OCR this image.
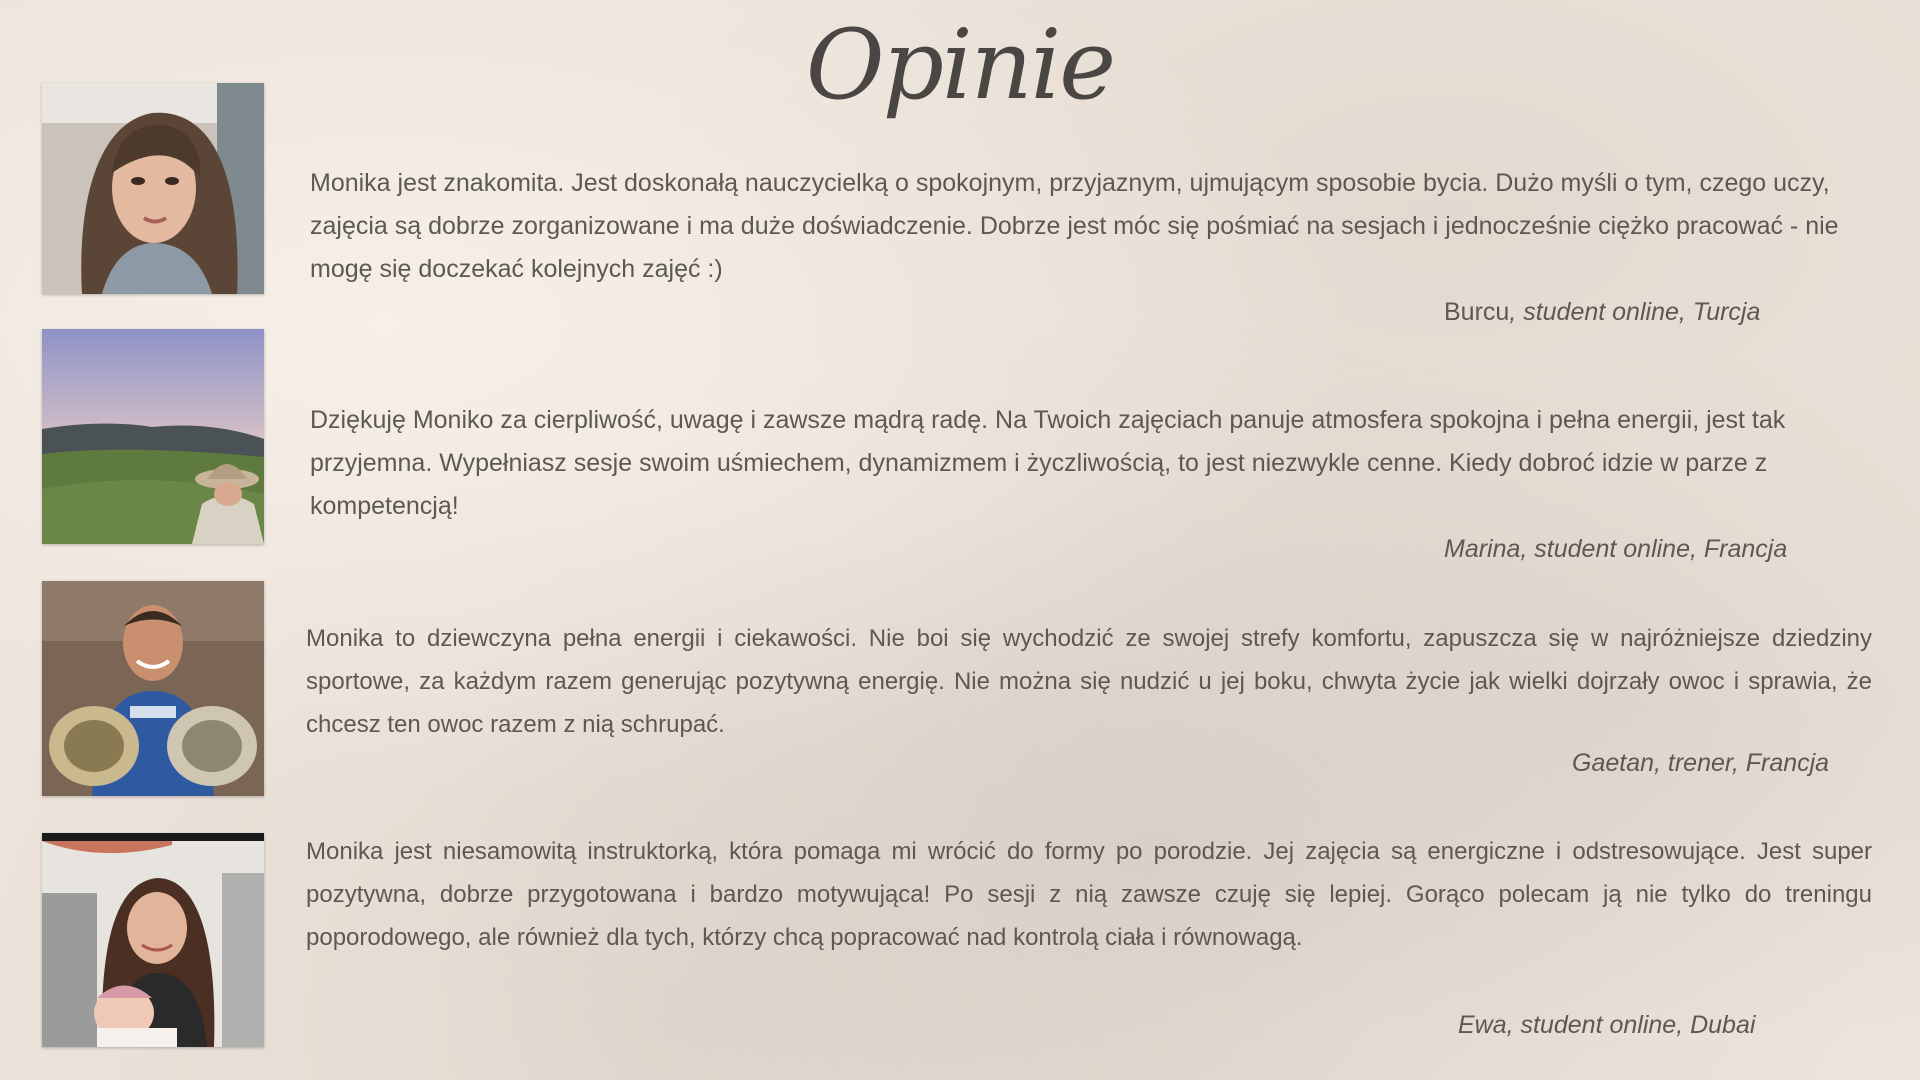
Opinie

Monika jest znakomita. Jest doskonałą nauczycielką o spokojnym, przyjaznym, ujmującym sposobie bycia. Dużo myśli o tym, czego uczy, zajęcia są dobrze zorganizowane i ma duże doświadczenie. Dobrze jest móc się pośmiać na sesjach i jednocześnie ciężko pracować - nie mogę się doczekać kolejnych zajęć :)

Burcu, student online, Turcja

Dziękuję Moniko za cierpliwość, uwagę i zawsze mądrą radę. Na Twoich zajęciach panuje atmosfera spokojna i pełna energii, jest tak przyjemna. Wypełniasz sesje swoim uśmiechem, dynamizmem i życzliwością, to jest niezwykle cenne. Kiedy dobroć idzie w parze z kompetencją!

Marina, student online, Francja

Monika to dziewczyna pełna energii i ciekawości. Nie boi się wychodzić ze swojej strefy komfortu, zapuszcza się w najróżniejsze dziedziny sportowe, za każdym razem generując pozytywną energię. Nie można się nudzić u jej boku, chwyta życie jak wielki dojrzały owoc i sprawia, że chcesz ten owoc razem z nią schrupać.

Gaetan, trener, Francja

Monika jest niesamowitą instruktorką, która pomaga mi wrócić do formy po porodzie. Jej zajęcia są energiczne i odstresowujące. Jest super pozytywna, dobrze przygotowana i bardzo motywująca! Po sesji z nią zawsze czuję się lepiej. Gorąco polecam ją nie tylko do treningu poporodowego, ale również dla tych, którzy chcą popracować nad kontrolą ciała i równowagą.

Ewa, student online, Dubai
